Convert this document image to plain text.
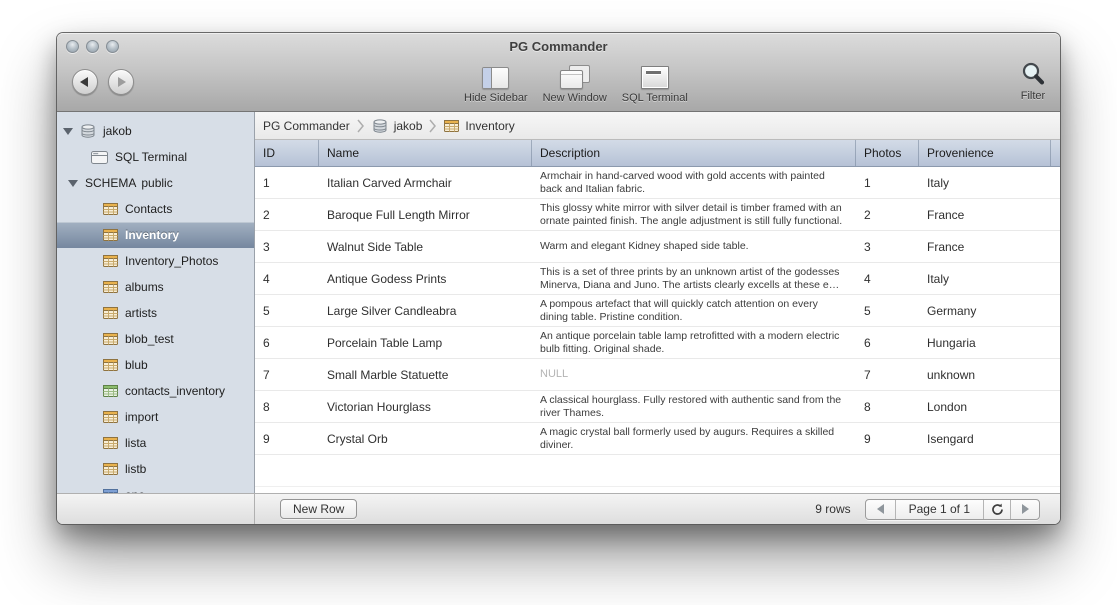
PG Commander
Hide Sidebar New Window SQL Terminal	Filter
jakob
SQL Terminal
SCHEMA public
Contacts
Inventory
Inventory_Photos
albums
artists
blob_test
blub
contacts_inventory
import
lista
listb
PG Commander	jakob	Inventory
ID	Name	Description	Photos	Provenience
1	Italian Carved Armchair	Armchair in hand-carved wood with gold accents with painted back and Italian fabric.	1	Italy
2	Baroque Full Length Mirror	This glossy white mirror with silver detail is timber framed with an ornate painted finish. The angle adjustment is still fully functional.	2	France
3	Walnut Side Table	Warm and elegant Kidney shaped side table.	3	France
4	Antique Godess Prints	This is a set of three prints by an unknown artist of the godesses Minerva, Diana and Juno. The artists clearly excells at these e…	4	Italy
5	Large Silver Candleabra	A pompous artefact that will quickly catch attention on every dining table. Pristine condition.	5	Germany
6	Porcelain Table Lamp	An antique porcelain table lamp retrofitted with a modern electric bulb fitting. Original shade.	6	Hungaria
7	Small Marble Statuette	NULL	7	unknown
8	Victorian Hourglass	A classical hourglass. Fully restored with authentic sand from the river Thames.	8	London
9	Crystal Orb	A magic crystal ball formerly used by augurs. Requires a skilled diviner.	9	Isengard
New Row	9 rows	Page 1 of 1
